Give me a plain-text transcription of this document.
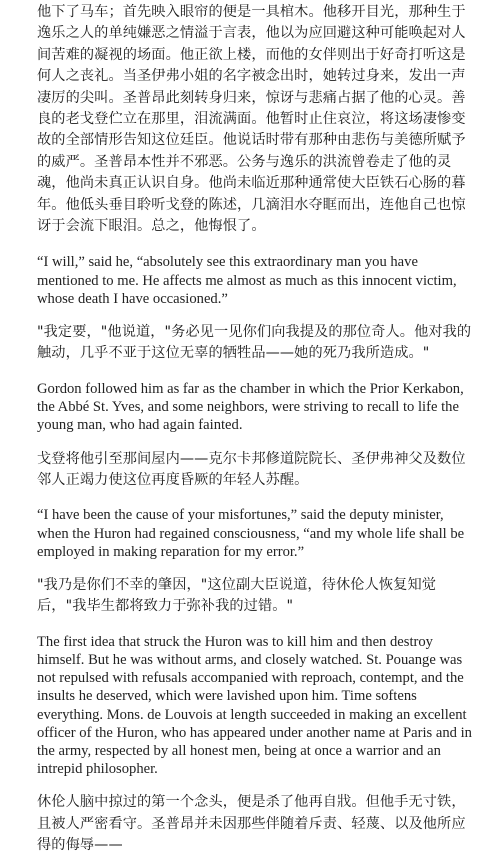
他下了马车；首先映入眼帘的便是一具棺木。他移开目光，那种生于逸乐之人的单纯嫌恶之情溢于言表，他以为应回避这种可能唤起对人间苦难的凝视的场面。他正欲上楼，而他的女伴则出于好奇打听这是何人之丧礼。当圣伊弗小姐的名字被念出时，她转过身来，发出一声凄厉的尖叫。圣普昂此刻转身归来，惊讶与悲痛占据了他的心灵。善良的老戈登伫立在那里，泪流满面。他暂时止住哀泣，将这场凄惨变故的全部情形告知这位廷臣。他说话时带有那种由悲伤与美德所赋予的威严。圣普昂本性并不邪恶。公务与逸乐的洪流曾卷走了他的灵魂，他尚未真正认识自身。他尚未临近那种通常使大臣铁石心肠的暮年。他低头垂目聆听戈登的陈述，几滴泪水夺眶而出，连他自己也惊讶于会流下眼泪。总之，他悔恨了。

“I will,” said he, “absolutely see this extraordinary man you have mentioned to me. He affects me almost as much as this innocent victim, whose death I have occasioned.”

"我定要，"他说道，"务必见一见你们向我提及的那位奇人。他对我的触动，几乎不亚于这位无辜的牺牲品——她的死乃我所造成。"

Gordon followed him as far as the chamber in which the Prior Kerkabon, the Abbé St. Yves, and some neighbors, were striving to recall to life the young man, who had again fainted.

戈登将他引至那间屋内——克尔卡邦修道院院长、圣伊弗神父及数位邻人正竭力使这位再度昏厥的年轻人苏醒。

“I have been the cause of your misfortunes,” said the deputy minister, when the Huron had regained consciousness, “and my whole life shall be employed in making reparation for my error.”

"我乃是你们不幸的肇因，"这位副大臣说道，待休伦人恢复知觉后，"我毕生都将致力于弥补我的过错。"

The first idea that struck the Huron was to kill him and then destroy himself. But he was without arms, and closely watched. St. Pouange was not repulsed with refusals accompanied with reproach, contempt, and the insults he deserved, which were lavished upon him. Time softens everything. Mons. de Louvois at length succeeded in making an excellent officer of the Huron, who has appeared under another name at Paris and in the army, respected by all honest men, being at once a warrior and an intrepid philosopher.

休伦人脑中掠过的第一个念头，便是杀了他再自戕。但他手无寸铁，且被人严密看守。圣普昂并未因那些伴随着斥责、轻蔑、以及他所应得的侮辱——
